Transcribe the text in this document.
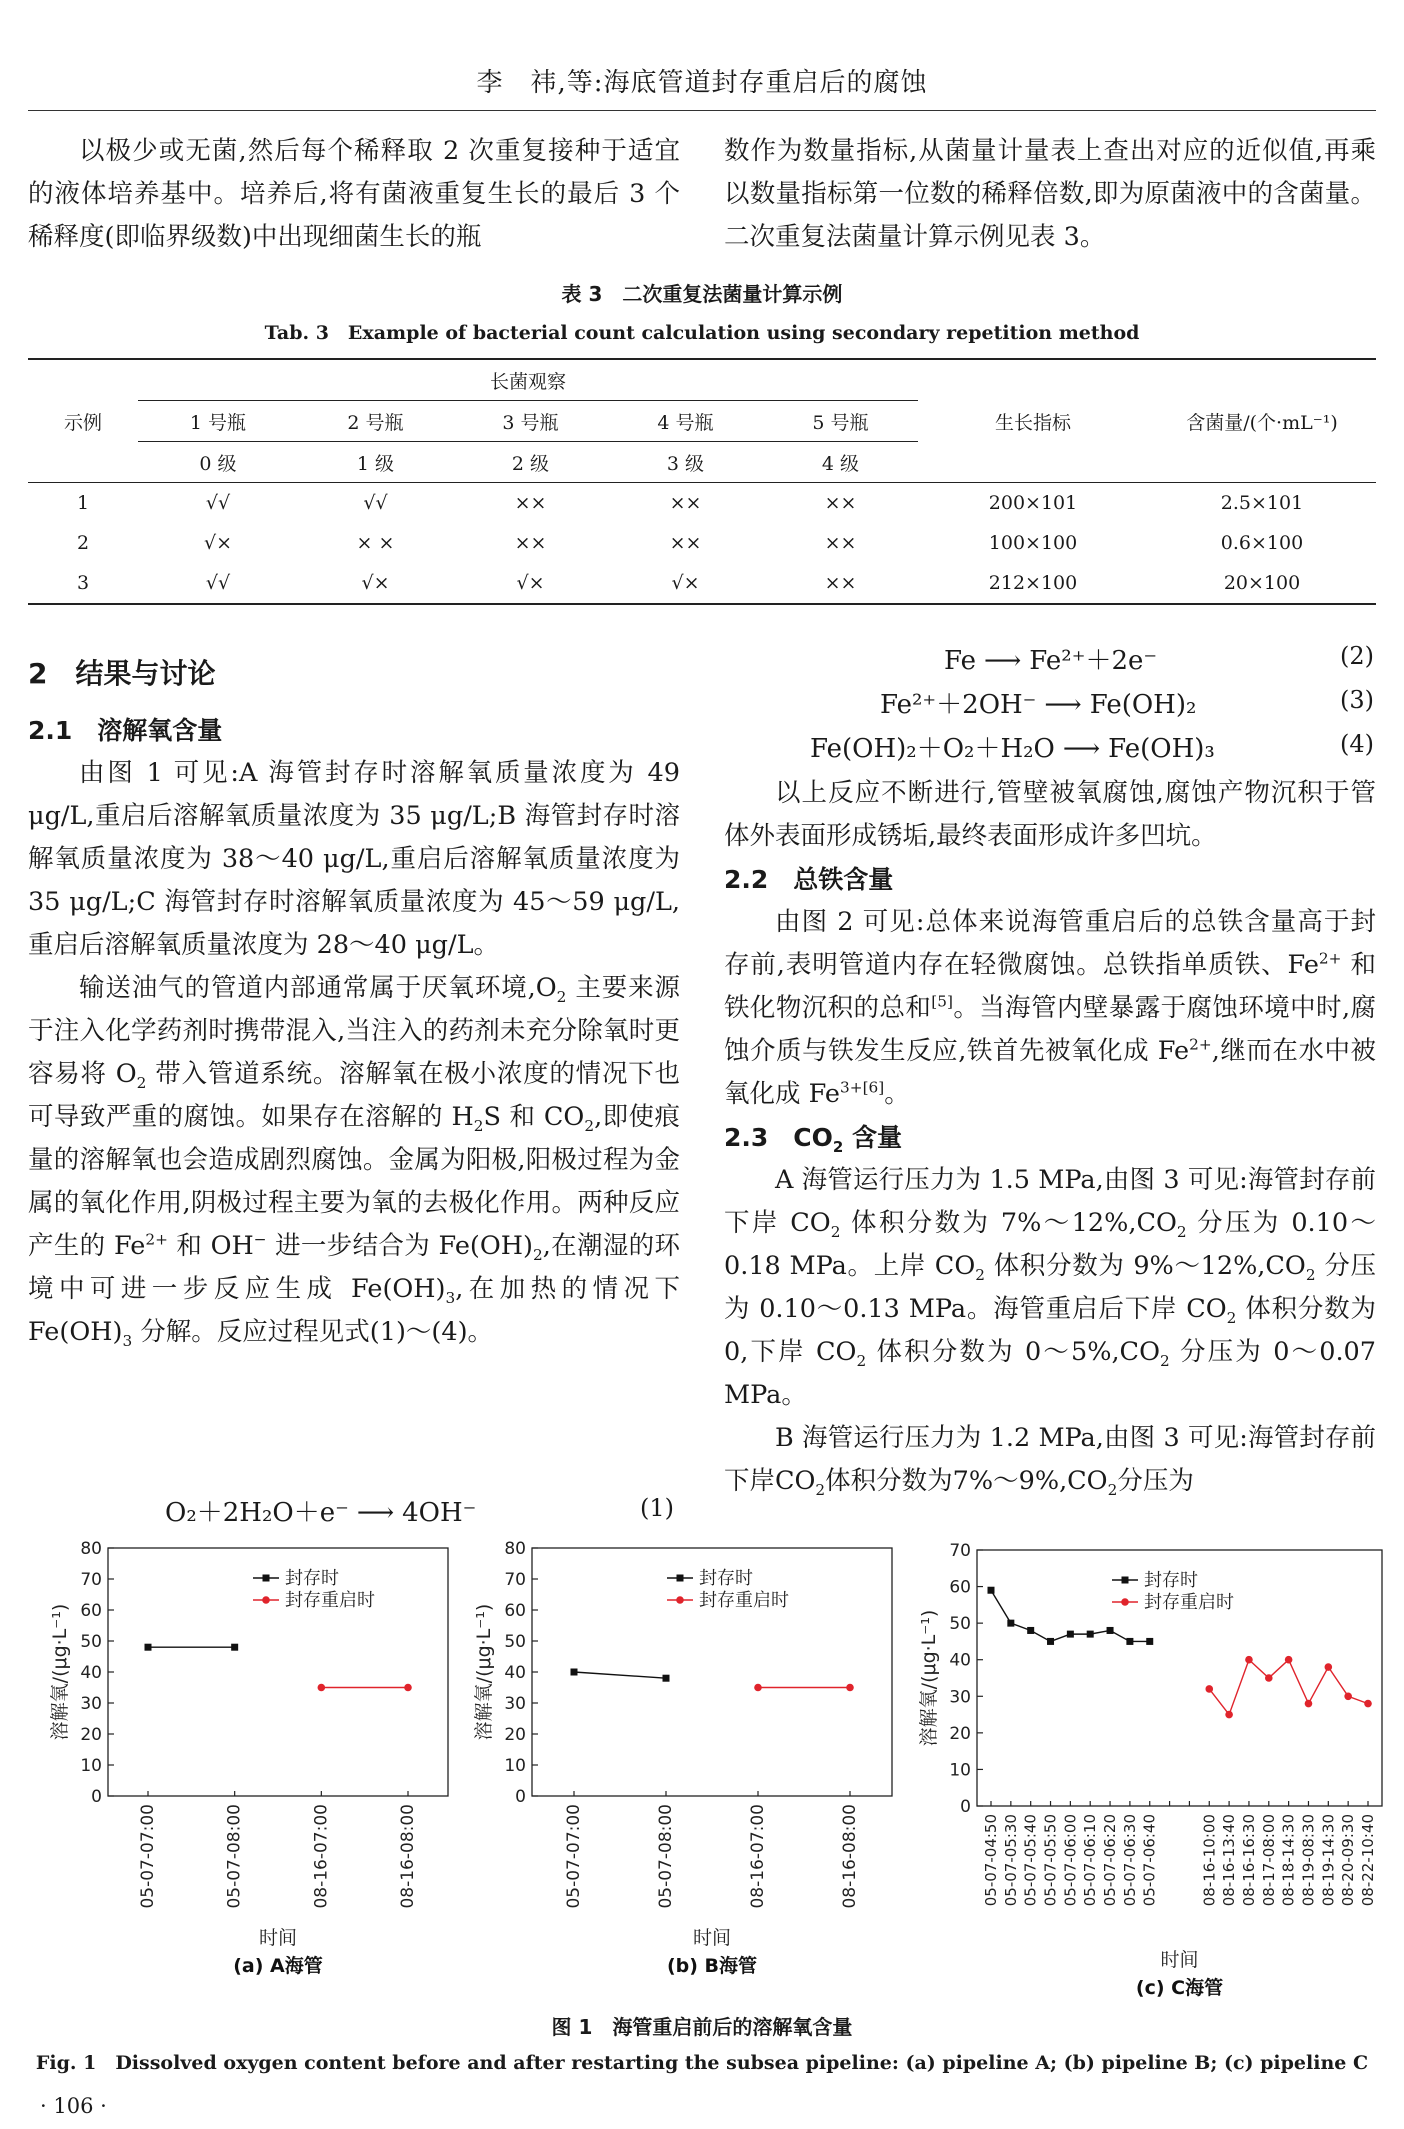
李　祎,等:海底管道封存重启后的腐蚀
以极少或无菌,然后每个稀释取 2 次重复接种于适宜的液体培养基中。培养后,将有菌液重复生长的最后 3 个稀释度(即临界级数)中出现细菌生长的瓶
数作为数量指标,从菌量计量表上查出对应的近似值,再乘以数量指标第一位数的稀释倍数,即为原菌液中的含菌量。二次重复法菌量计算示例见表 3。
表 3　二次重复法菌量计算示例
Tab. 3　Example of bacterial count calculation using secondary repetition method
示例	长菌观察					生长指标	含菌量/(个·mL⁻¹)
	1 号瓶	2 号瓶	3 号瓶	4 号瓶	5 号瓶		
	0 级	1 级	2 级	3 级	4 级		
1	√√	√√	××	××	××	200×101	2.5×101
2	√×	× ×	××	××	××	100×100	0.6×100
3	√√	√×	√×	√×	××	212×100	20×100

2　结果与讨论

2.1　溶解氧含量

由图 1 可见:A 海管封存时溶解氧质量浓度为 49 μg/L,重启后溶解氧质量浓度为 35 μg/L;B 海管封存时溶解氧质量浓度为 38～40 μg/L,重启后溶解氧质量浓度为 35 μg/L;C 海管封存时溶解氧质量浓度为 45～59 μg/L,重启后溶解氧质量浓度为 28～40 μg/L。

输送油气的管道内部通常属于厌氧环境$,O_2$ 主要来源于注入化学药剂时携带混入,当注入的药剂未充分除氧时更容易将 $O_2$ 带入管道系统。溶解氧在极小浓度的情况下也可导致严重的腐蚀。如果存在溶解的 $H_2S$ 和 $CO_2$,即使痕量的溶解氧也会造成剧烈腐蚀。金属为阳极,阳极过程为金属的氧化作用,阴极过程主要为氧的去极化作用。两种反应产生的 $Fe^{2+}$ 和 OH− 进一步结合为 $Fe(OH)_2$,在潮湿的环境中可进一步反应生成 $Fe(OH)_3$,在加热的情况下 $Fe(OH)_3$ 分解。反应过程见式(1)～(4)。

O₂＋2H₂O＋e⁻ ⟶ 4OH⁻	(1)
Fe ⟶ Fe²⁺＋2e⁻	(2)
Fe²⁺＋2OH⁻ ⟶ Fe(OH)₂	(3)
Fe(OH)₂＋O₂＋H₂O ⟶ Fe(OH)₃	(4)

以上反应不断进行,管壁被氧腐蚀,腐蚀产物沉积于管体外表面形成锈垢,最终表面形成许多凹坑。

2.2　总铁含量

由图 2 可见:总体来说海管重启后的总铁含量高于封存前,表明管道内存在轻微腐蚀。总铁指单质铁、$Fe^{2+}$ 和铁化物沉积的总和[5]。当海管内壁暴露于腐蚀环境中时,腐蚀介质与铁发生反应,铁首先被氧化成 $Fe^{2+}$,继而在水中被氧化成 $Fe^{3+[6]}$。

2.3　$CO_2$ 含量

A 海管运行压力为 1.5 MPa,由图 3 可见:海管封存前下岸 $CO_2$ 体积分数为 $7\%\sim 12\%,CO_2$ 分压为 0.10～0.18 MPa。上岸 $CO_2$ 体积分数为 $9\%\sim 12\%,CO_2$ 分压为 0.10～0.13 MPa。海管重启后下岸 $CO_2$ 体积分数为 0,下岸 $CO_2$ 体积分数为 $0\sim 5\%,CO_2$ 分压为 0～0.07 MPa。

B 海管运行压力为 1.2 MPa,由图 3 可见:海管封存前下岸$CO_2$体积分数为$7\%\sim 9\%,CO_2$分压为

0
10
20
30
40
50
60
70
80
05-07-07:00	05-07-08:00	08-16-07:00	08-16-08:00
时间
溶解氧/(μg·L⁻¹)
封存时
封存重启时
(a) A海管
0
10
20
30
40
50
60
70
80
05-07-07:00	05-07-08:00	08-16-07:00	08-16-08:00
时间
溶解氧/(μg·L⁻¹)
封存时
封存重启时
(b) B海管
0
10
20
30
40
50
60
70
05-07-04:50 05-07-05:30 05-07-05:40 05-07-05:50 05-07-06:00 05-07-06:10 05-07-06:20 05-07-06:30 05-07-06:40	08-16-10:00 08-16-13:40 08-16-16:30 08-17-08:00 08-18-14:30 08-19-08:30 08-19-14:30 08-20-09:30 08-22-10:40
时间
溶解氧/(μg·L⁻¹)
封存时
封存重启时
(c) C海管
图 1　海管重启前后的溶解氧含量
Fig. 1　Dissolved oxygen content before and after restarting the subsea pipeline: (a) pipeline A; (b) pipeline B; (c) pipeline C
· 106 ·
